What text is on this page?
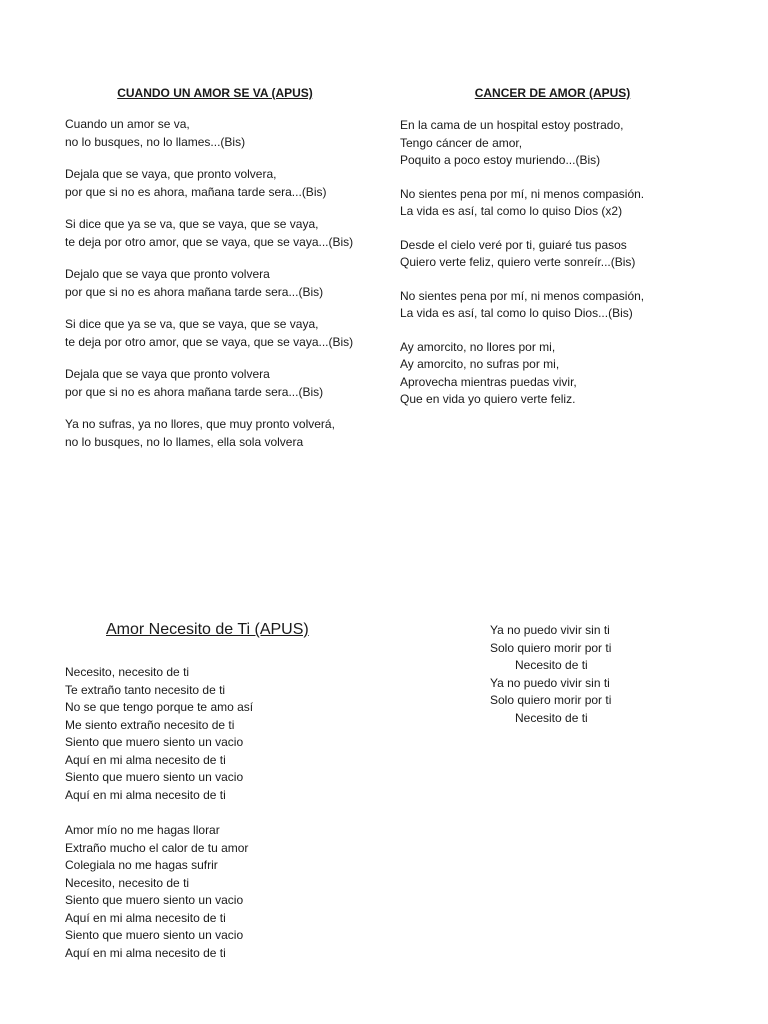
CUANDO UN AMOR SE VA (APUS)

Cuando un amor se va,
no lo busques, no lo llames...(Bis)

Dejala que se vaya, que pronto volvera,
por que si no es ahora, mañana tarde sera...(Bis)

Si dice que ya se va, que se vaya, que se vaya,
te deja por otro amor, que se vaya, que se vaya...(Bis)

Dejalo que se vaya que pronto volvera
por que si no es ahora mañana tarde sera...(Bis)

Si dice que ya se va, que se vaya, que se vaya,
te deja por otro amor, que se vaya, que se vaya...(Bis)

Dejala que se vaya que pronto volvera
por que si no es ahora mañana tarde sera...(Bis)

Ya no sufras, ya no llores, que muy pronto volverá,
no lo busques, no lo llames, ella sola volvera

CANCER DE AMOR (APUS)

En la cama de un hospital estoy postrado,
Tengo cáncer de amor,
Poquito a poco estoy muriendo...(Bis)

No sientes pena por mí, ni menos compasión.
La vida es así, tal como lo quiso Dios (x2)

Desde el cielo veré por ti, guiaré tus pasos
Quiero verte feliz, quiero verte sonreír...(Bis)

No sientes pena por mí, ni menos compasión,
La vida es así, tal como lo quiso Dios...(Bis)

Ay amorcito, no llores por mi,
Ay amorcito, no sufras por mi,
Aprovecha mientras puedas vivir,
Que en vida yo quiero verte feliz.

Amor Necesito de Ti (APUS)

Necesito, necesito de ti
Te extraño tanto necesito de ti
No se que tengo porque te amo así
Me siento extraño necesito de ti
Siento que muero siento un vacio
Aquí en mi alma necesito de ti
Siento que muero siento un vacio
Aquí en mi alma necesito de ti

Amor mío no me hagas llorar
Extraño mucho el calor de tu amor
Colegiala no me hagas sufrir
Necesito, necesito de ti
Siento que muero siento un vacio
Aquí en mi alma necesito de ti
Siento que muero siento un vacio
Aquí en mi alma necesito de ti

Ya no puedo vivir sin ti
Solo quiero morir por ti
Necesito de ti
Ya no puedo vivir sin ti
Solo quiero morir por ti
Necesito de ti
